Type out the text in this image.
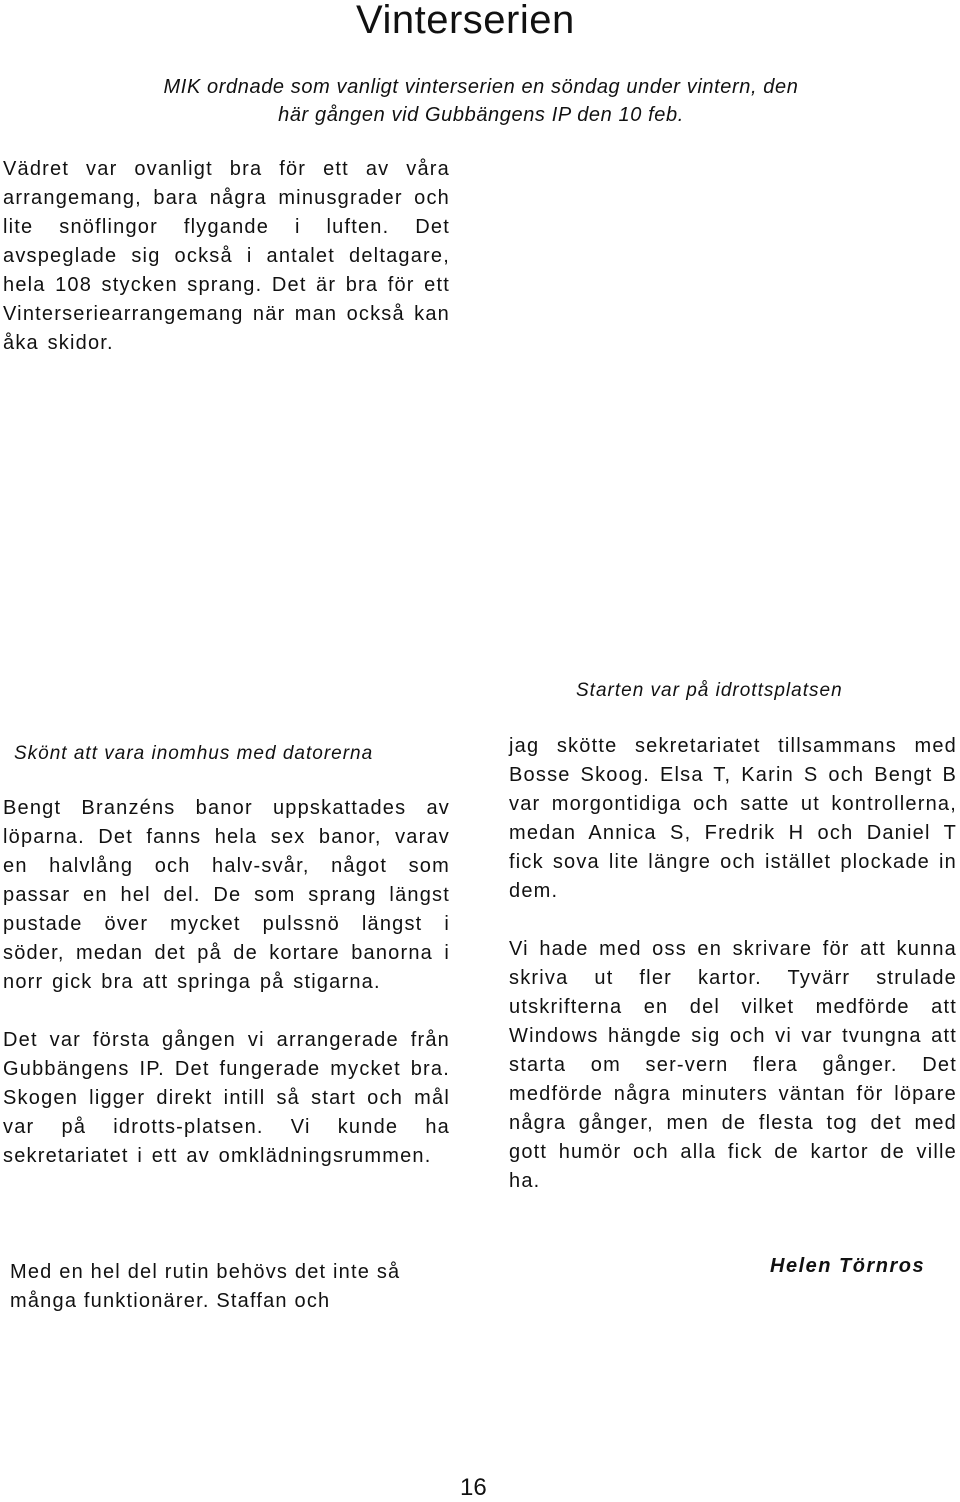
Vinterserien

MIK ordnade som vanligt vinterserien en söndag under vintern, den här gången vid Gubbängens IP den 10 feb.

Vädret var ovanligt bra för ett av våra arrangemang, bara några minusgrader och lite snöflingor flygande i luften. Det avspeglade sig också i antalet deltagare, hela 108 stycken sprang. Det är bra för ett Vinterseriearrangemang när man också kan åka skidor.

Starten var på idrottsplatsen

Skönt att vara inomhus med datorerna

Bengt Branzéns banor uppskattades av löparna. Det fanns hela sex banor, varav en halvlång och halv-svår, något som passar en hel del. De som sprang längst pustade över mycket pulssnö längst i söder, medan det på de kortare banorna i norr gick bra att springa på stigarna.

Det var första gången vi arrangerade från Gubbängens IP. Det fungerade mycket bra. Skogen ligger direkt intill så start och mål var på idrotts-platsen. Vi kunde ha sekretariatet i ett av omklädningsrummen.

Med en hel del rutin behövs det inte så många funktionärer. Staffan och

jag skötte sekretariatet tillsammans med Bosse Skoog. Elsa T, Karin S och Bengt B var morgontidiga och satte ut kontrollerna, medan Annica S, Fredrik H och Daniel T fick sova lite längre och istället plockade in dem.

Vi hade med oss en skrivare för att kunna skriva ut fler kartor. Tyvärr strulade utskrifterna en del vilket medförde att Windows hängde sig och vi var tvungna att starta om ser-vern flera gånger. Det medförde några minuters väntan för löpare några gånger, men de flesta tog det med gott humör och alla fick de kartor de ville ha.

Helen Törnros

16
